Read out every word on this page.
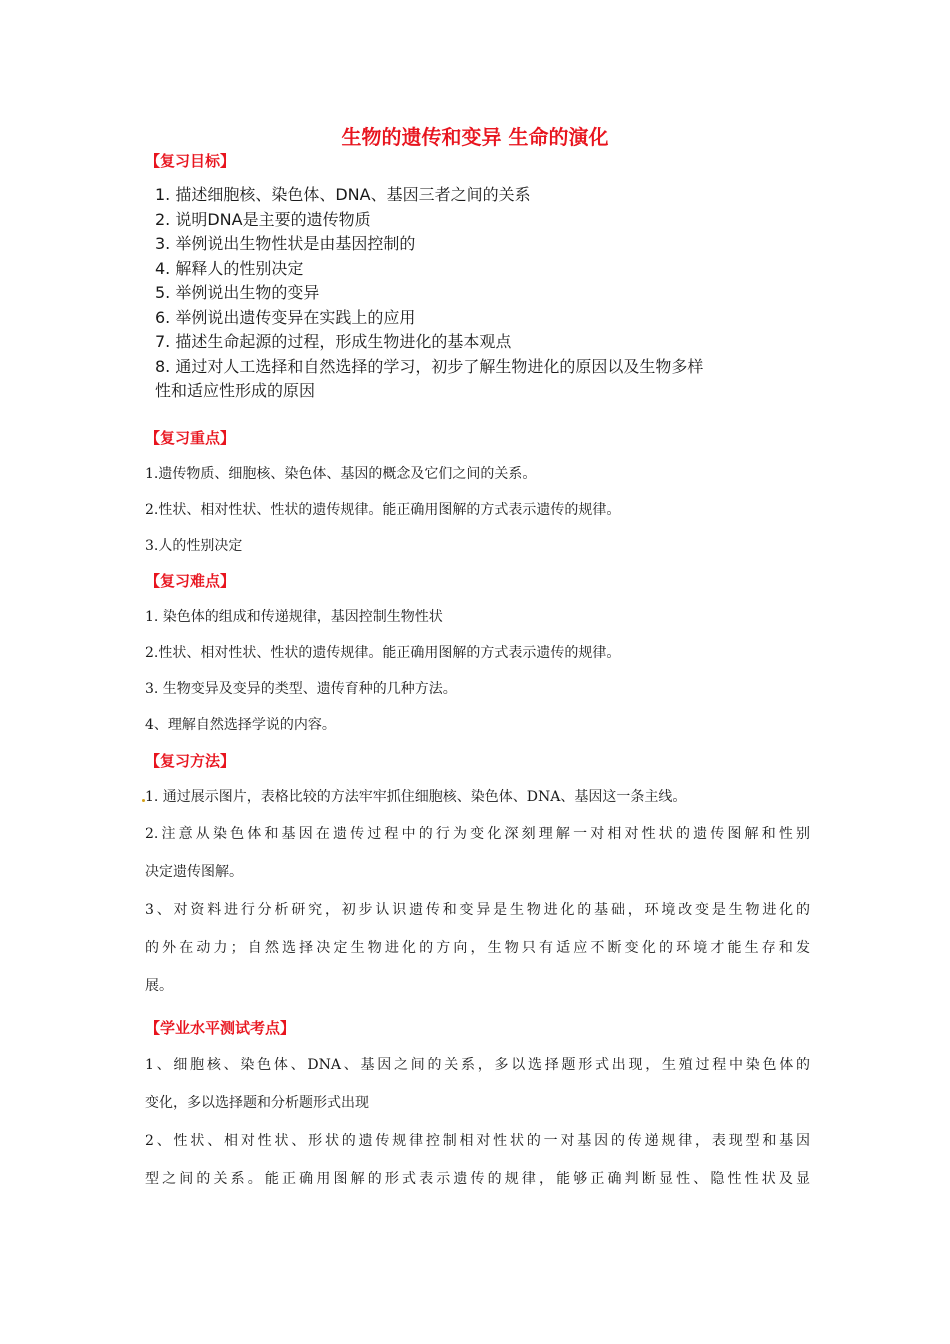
生物的遗传和变异 生命的演化
【复习目标】
1. 描述细胞核、染色体、DNA、基因三者之间的关系
2. 说明DNA是主要的遗传物质
3. 举例说出生物性状是由基因控制的
4. 解释人的性别决定
5. 举例说出生物的变异
6. 举例说出遗传变异在实践上的应用
7. 描述生命起源的过程，形成生物进化的基本观点
8. 通过对人工选择和自然选择的学习，初步了解生物进化的原因以及生物多样
性和适应性形成的原因
【复习重点】
1.遗传物质、细胞核、染色体、基因的概念及它们之间的关系。
2.性状、相对性状、性状的遗传规律。能正确用图解的方式表示遗传的规律。
3.人的性别决定
【复习难点】
1. 染色体的组成和传递规律，基因控制生物性状
2.性状、相对性状、性状的遗传规律。能正确用图解的方式表示遗传的规律。
3. 生物变异及变异的类型、遗传育种的几种方法。
4、理解自然选择学说的内容。
【复习方法】
1. 通过展示图片，表格比较的方法牢牢抓住细胞核、染色体、DNA、基因这一条主线。
2.注意从染色体和基因在遗传过程中的行为变化深刻理解一对相对性状的遗传图解和性别
决定遗传图解。
3、对资料进行分析研究，初步认识遗传和变异是生物进化的基础，环境改变是生物进化的
的外在动力；自然选择决定生物进化的方向，生物只有适应不断变化的环境才能生存和发
展。
【学业水平测试考点】
1、细胞核、染色体、DNA、基因之间的关系，多以选择题形式出现，生殖过程中染色体的
变化，多以选择题和分析题形式出现
2、性状、相对性状、形状的遗传规律控制相对性状的一对基因的传递规律，表现型和基因
型之间的关系。能正确用图解的形式表示遗传的规律，能够正确判断显性、隐性性状及显
